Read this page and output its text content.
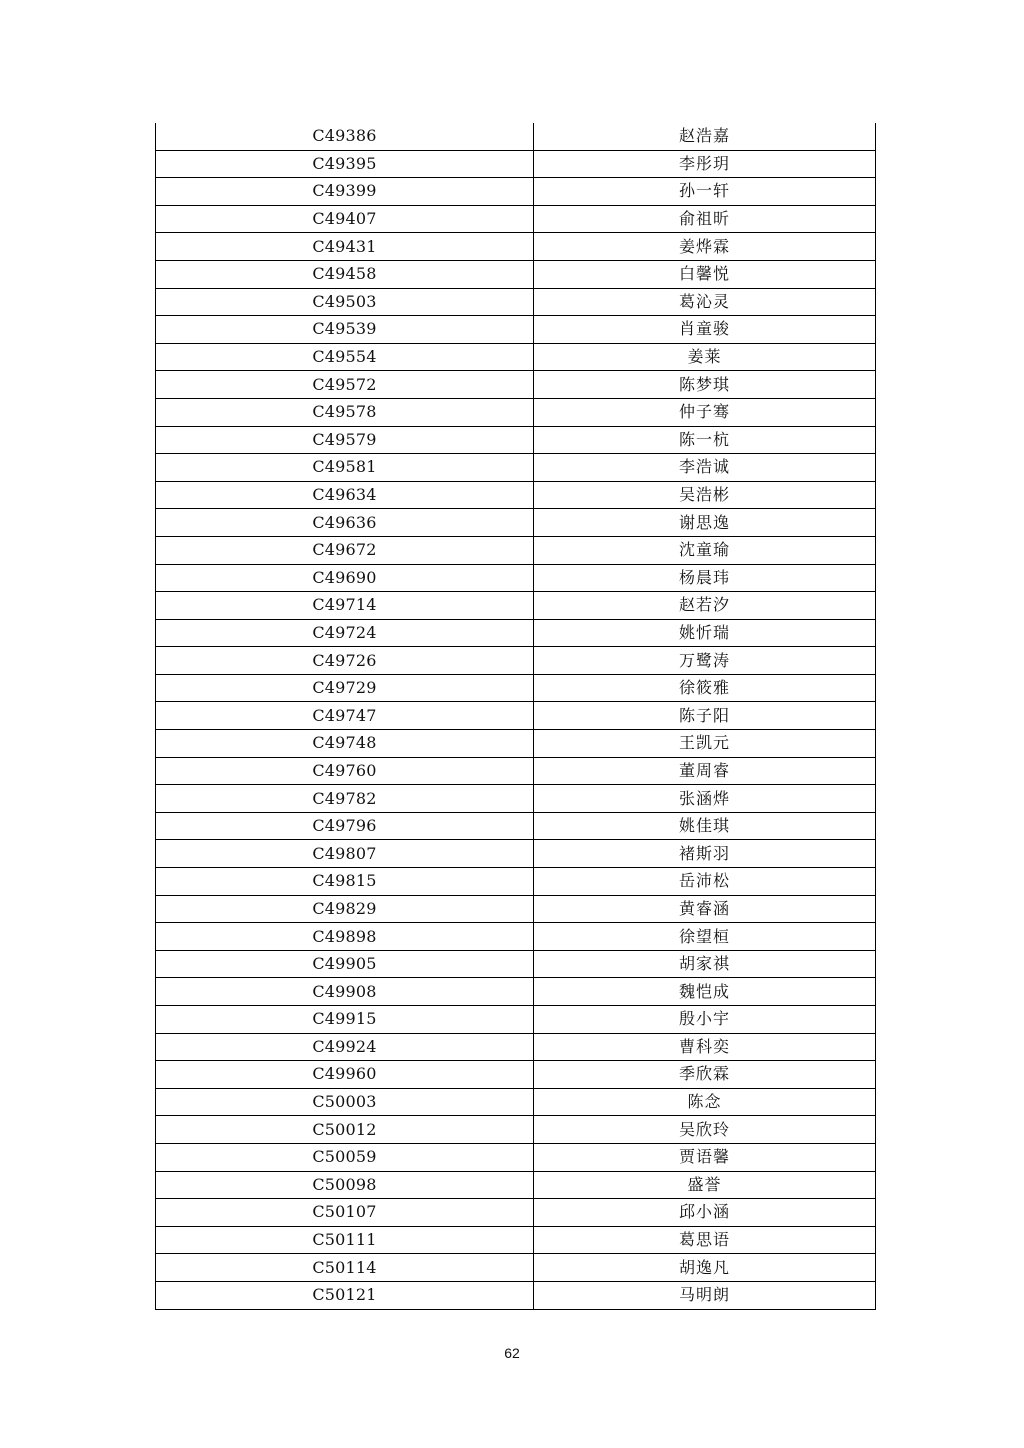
C49386	赵浩嘉
C49395	李彤玥
C49399	孙一轩
C49407	俞祖昕
C49431	姜烨霖
C49458	白馨悦
C49503	葛沁灵
C49539	肖童骏
C49554	姜莱
C49572	陈梦琪
C49578	仲子骞
C49579	陈一杭
C49581	李浩诚
C49634	吴浩彬
C49636	谢思逸
C49672	沈童瑜
C49690	杨晨玮
C49714	赵若汐
C49724	姚忻瑞
C49726	万鹭涛
C49729	徐筱雅
C49747	陈子阳
C49748	王凯元
C49760	董周睿
C49782	张涵烨
C49796	姚佳琪
C49807	褚斯羽
C49815	岳沛松
C49829	黄睿涵
C49898	徐望桓
C49905	胡家祺
C49908	魏恺成
C49915	殷小宇
C49924	曹科奕
C49960	季欣霖
C50003	陈念
C50012	吴欣玲
C50059	贾语馨
C50098	盛誉
C50107	邱小涵
C50111	葛思语
C50114	胡逸凡
C50121	马明朗
62
